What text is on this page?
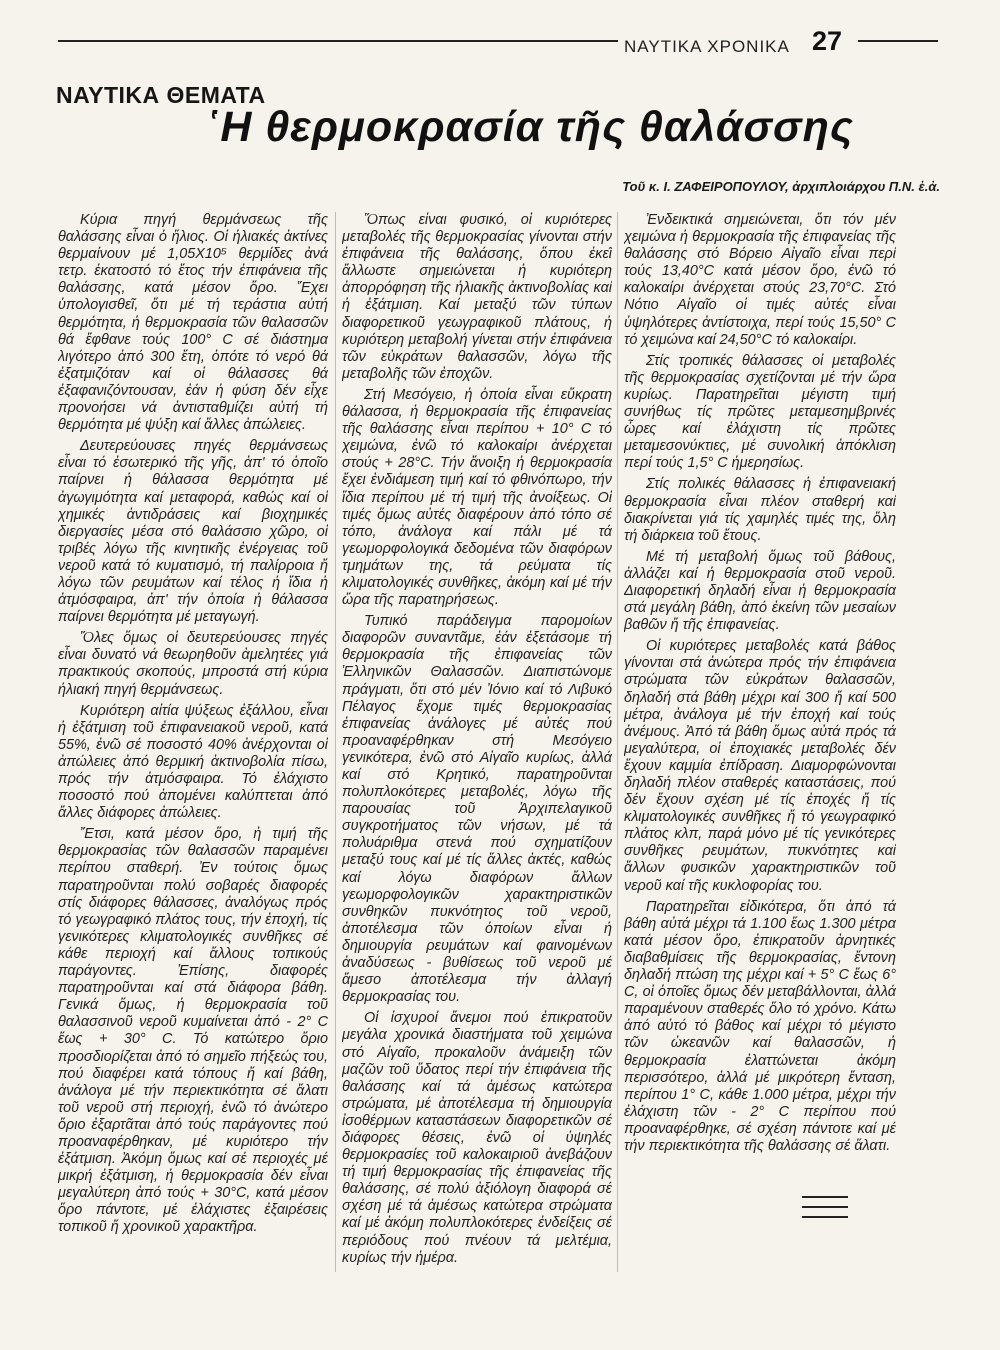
ΝΑΥΤΙΚΑ ΧΡΟΝΙΚΑ 27
ΝΑΥΤΙΚΑ ΘΕΜΑΤΑ
῾Η θερμοκρασία τῆς θαλάσσης
Τοῦ κ. Ι. ΖΑΦΕΙΡΟΠΟΥΛΟΥ, ἀρχιπλοιάρχου Π.Ν. ἐ.ἀ.

Κύρια πηγή θερμάνσεως τῆς θαλάσσης εἶναι ὁ ἥλιος. Οἱ ἡλιακές ἀκτίνες θερμαίνουν μέ 1,05Χ10⁵ θερμίδες ἀνά τετρ. ἑκατοστό τό ἔτος τήν ἐπιφάνεια τῆς θαλάσσης, κατά μέσον ὅρο. Ἔχει ὑπολογισθεῖ, ὅτι μέ τή τεράστια αὐτή θερμότητα, ἡ θερμοκρασία τῶν θαλασσῶν θά ἔφθανε τούς 100° C σέ διάστημα λιγότερο ἀπό 300 ἔτη, ὁπότε τό νερό θά ἐξατμιζόταν καί οἱ θάλασσες θά ἐξαφανιζόντουσαν, ἐάν ἡ φύση δέν εἶχε προνοήσει νά ἀντισταθμίζει αὐτή τή θερμότητα μέ ψύξη καί ἄλλες ἀπώλειες.

Δευτερεύουσες πηγές θερμάνσεως εἶναι τό ἐσωτερικό τῆς γῆς, ἀπ' τό ὁποῖο παίρνει ἡ θάλασσα θερμότητα μέ ἀγωγιμότητα καί μεταφορά, καθώς καί οἱ χημικές ἀντιδράσεις καί βιοχημικές διεργασίες μέσα στό θαλάσσιο χῶρο, οἱ τριβές λόγω τῆς κινητικῆς ἐνέργειας τοῦ νεροῦ κατά τό κυματισμό, τή παλίρροια ἤ λόγω τῶν ρευμάτων καί τέλος ἡ ἴδια ἡ ἀτμόσφαιρα, ἀπ' τήν ὁποία ἡ θάλασσα παίρνει θερμότητα μέ μεταγωγή.

Ὅλες ὅμως οἱ δευτερεύουσες πηγές εἶναι δυνατό νά θεωρηθοῦν ἀμελητέες γιά πρακτικούς σκοπούς, μπροστά στή κύρια ἡλιακή πηγή θερμάνσεως.

Κυριότερη αἰτία ψύξεως ἐξάλλου, εἶναι ἡ ἐξάτμιση τοῦ ἐπιφανειακοῦ νεροῦ, κατά 55%, ἐνῶ σέ ποσοστό 40% ἀνέρχονται οἱ ἀπώλειες ἀπό θερμική ἀκτινοβολία πίσω, πρός τήν ἀτμόσφαιρα. Τό ἐλάχιστο ποσοστό πού ἀπομένει καλύπτεται ἀπό ἄλλες διάφορες ἀπώλειες.

Ἔτσι, κατά μέσον ὅρο, ἡ τιμή τῆς θερμοκρασίας τῶν θαλασσῶν παραμένει περίπου σταθερή. Ἐν τούτοις ὅμως παρατηροῦνται πολύ σοβαρές διαφορές στίς διάφορες θάλασσες, ἀναλόγως πρός τό γεωγραφικό πλάτος τους, τήν ἐποχή, τίς γενικότερες κλιματολογικές συνθῆκες σέ κάθε περιοχή καί ἄλλους τοπικούς παράγοντες. Ἐπίσης, διαφορές παρατηροῦνται καί στά διάφορα βάθη. Γενικά ὅμως, ἡ θερμοκρασία τοῦ θαλασσινοῦ νεροῦ κυμαίνεται ἀπό - 2° C ἕως + 30° C. Τό κατώτερο ὅριο προσδιορίζεται ἀπό τό σημεῖο πήξεώς του, πού διαφέρει κατά τόπους ἤ καί βάθη, ἀνάλογα μέ τήν περιεκτικότητα σέ ἅλατι τοῦ νεροῦ στή περιοχή, ἐνῶ τό ἀνώτερο ὅριο ἐξαρτᾶται ἀπό τούς παράγοντες πού προαναφέρθηκαν, μέ κυριότερο τήν ἐξάτμιση. Ἀκόμη ὅμως καί σέ περιοχές μέ μικρή ἐξάτμιση, ἡ θερμοκρασία δέν εἶναι μεγαλύτερη ἀπό τούς + 30°C, κατά μέσον ὅρο πάντοτε, μέ ἐλάχιστες ἐξαιρέσεις τοπικοῦ ἤ χρονικοῦ χαρακτῆρα.

Ὅπως εἶναι φυσικό, οἱ κυριότερες μεταβολές τῆς θερμοκρασίας γίνονται στήν ἐπιφάνεια τῆς θαλάσσης, ὅπου ἐκεῖ ἄλλωστε σημειώνεται ἡ κυριότερη ἀπορρόφηση τῆς ἡλιακῆς ἀκτινοβολίας καί ἡ ἐξάτμιση. Καί μεταξύ τῶν τύπων διαφορετικοῦ γεωγραφικοῦ πλάτους, ἡ κυριότερη μεταβολή γίνεται στήν ἐπιφάνεια τῶν εὐκράτων θαλασσῶν, λόγω τῆς μεταβολῆς τῶν ἐποχῶν.

Στή Μεσόγειο, ἡ ὁποία εἶναι εὔκρατη θάλασσα, ἡ θερμοκρασία τῆς ἐπιφανείας τῆς θαλάσσης εἶναι περίπου + 10° C τό χειμώνα, ἐνῶ τό καλοκαίρι ἀνέρχεται στούς + 28°C. Τήν ἄνοιξη ἡ θερμοκρασία ἔχει ἐνδιάμεση τιμή καί τό φθινόπωρο, τήν ἴδια περίπου μέ τή τιμή τῆς ἀνοίξεως. Οἱ τιμές ὅμως αὐτές διαφέρουν ἀπό τόπο σέ τόπο, ἀνάλογα καί πάλι μέ τά γεωμορφολογικά δεδομένα τῶν διαφόρων τμημάτων της, τά ρεύματα τίς κλιματολογικές συνθῆκες, ἀκόμη καί μέ τήν ὥρα τῆς παρατηρήσεως.

Τυπικό παράδειγμα παρομοίων διαφορῶν συναντᾶμε, ἐάν ἐξετάσομε τή θερμοκρασία τῆς ἐπιφανείας τῶν Ἑλληνικῶν Θαλασσῶν. Διαπιστώνομε πράγματι, ὅτι στό μέν Ἰόνιο καί τό Λιβυκό Πέλαγος ἔχομε τιμές θερμοκρασίας ἐπιφανείας ἀνάλογες μέ αὐτές πού προαναφέρθηκαν στή Μεσόγειο γενικότερα, ἐνῶ στό Αἰγαῖο κυρίως, ἀλλά καί στό Κρητικό, παρατηροῦνται πολυπλοκότερες μεταβολές, λόγω τῆς παρουσίας τοῦ Ἀρχιπελαγικοῦ συγκροτήματος τῶν νήσων, μέ τά πολυάριθμα στενά πού σχηματίζουν μεταξύ τους καί μέ τίς ἄλλες ἀκτές, καθώς καί λόγω διαφόρων ἄλλων γεωμορφολογικῶν χαρακτηριστικῶν συνθηκῶν πυκνότητος τοῦ νεροῦ, ἀποτέλεσμα τῶν ὁποίων εἶναι ἡ δημιουργία ρευμάτων καί φαινομένων ἀναδύσεως - βυθίσεως τοῦ νεροῦ μέ ἄμεσο ἀποτέλεσμα τήν ἀλλαγή θερμοκρασίας του.

Οἱ ἰσχυροί ἄνεμοι πού ἐπικρατοῦν μεγάλα χρονικά διαστήματα τοῦ χειμώνα στό Αἰγαῖο, προκαλοῦν ἀνάμειξη τῶν μαζῶν τοῦ ὕδατος περί τήν ἐπιφάνεια τῆς θαλάσσης καί τά ἀμέσως κατώτερα στρώματα, μέ ἀποτέλεσμα τή δημιουργία ἰσοθέρμων καταστάσεων διαφορετικῶν σέ διάφορες θέσεις, ἐνῶ οἱ ὑψηλές θερμοκρασίες τοῦ καλοκαιριοῦ ἀνεβάζουν τή τιμή θερμοκρασίας τῆς ἐπιφανείας τῆς θαλάσσης, σέ πολύ ἀξιόλογη διαφορά σέ σχέση μέ τά ἀμέσως κατώτερα στρώματα καί μέ ἀκόμη πολυπλοκότερες ἐνδείξεις σέ περιόδους πού πνέουν τά μελτέμια, κυρίως τήν ἡμέρα.

Ἐνδεικτικά σημειώνεται, ὅτι τόν μέν χειμώνα ἡ θερμοκρασία τῆς ἐπιφανείας τῆς θαλάσσης στό Βόρειο Αἰγαῖο εἶναι περί τούς 13,40°C κατά μέσον ὅρο, ἐνῶ τό καλοκαίρι ἀνέρχεται στούς 23,70°C. Στό Νότιο Αἰγαῖο οἱ τιμές αὐτές εἶναι ὑψηλότερες ἀντίστοιχα, περί τούς 15,50° C τό χειμώνα καί 24,50°C τό καλοκαίρι.

Στίς τροπικές θάλασσες οἱ μεταβολές τῆς θερμοκρασίας σχετίζονται μέ τήν ὥρα κυρίως. Παρατηρεῖται μέγιστη τιμή συνήθως τίς πρῶτες μεταμεσημβρινές ὧρες καί ἐλάχιστη τίς πρῶτες μεταμεσονύκτιες, μέ συνολική ἀπόκλιση περί τούς 1,5° C ἡμερησίως.

Στίς πολικές θάλασσες ἡ ἐπιφανειακή θερμοκρασία εἶναι πλέον σταθερή καί διακρίνεται γιά τίς χαμηλές τιμές της, ὅλη τή διάρκεια τοῦ ἔτους.

Μέ τή μεταβολή ὅμως τοῦ βάθους, ἀλλάζει καί ἡ θερμοκρασία στοῦ νεροῦ. Διαφορετική δηλαδή εἶναι ἡ θερμοκρασία στά μεγάλη βάθη, ἀπό ἐκείνη τῶν μεσαίων βαθῶν ἤ τῆς ἐπιφανείας.

Οἱ κυριότερες μεταβολές κατά βάθος γίνονται στά ἀνώτερα πρός τήν ἐπιφάνεια στρώματα τῶν εὐκράτων θαλασσῶν, δηλαδή στά βάθη μέχρι καί 300 ἤ καί 500 μέτρα, ἀνάλογα μέ τήν ἐποχή καί τούς ἀνέμους. Ἀπό τά βάθη ὅμως αὐτά πρός τά μεγαλύτερα, οἱ ἐποχιακές μεταβολές δέν ἔχουν καμμία ἐπίδραση. Διαμορφώνονται δηλαδή πλέον σταθερές καταστάσεις, πού δέν ἔχουν σχέση μέ τίς ἐποχές ἤ τίς κλιματολογικές συνθῆκες ἤ τό γεωγραφικό πλάτος κλπ, παρά μόνο μέ τίς γενικότερες συνθῆκες ρευμάτων, πυκνότητες καί ἄλλων φυσικῶν χαρακτηριστικῶν τοῦ νεροῦ καί τῆς κυκλοφορίας του.

Παρατηρεῖται εἰδικότερα, ὅτι ἀπό τά βάθη αὐτά μέχρι τά 1.100 ἕως 1.300 μέτρα κατά μέσον ὅρο, ἐπικρατοῦν ἀρνητικές διαβαθμίσεις τῆς θερμοκρασίας, ἔντονη δηλαδή πτώση της μέχρι καί + 5° C ἕως 6° C, οἱ ὁποῖες ὅμως δέν μεταβάλλονται, ἀλλά παραμένουν σταθερές ὅλο τό χρόνο. Κάτω ἀπό αὐτό τό βάθος καί μέχρι τό μέγιστο τῶν ὠκεανῶν καί θαλασσῶν, ἡ θερμοκρασία ἐλαττώνεται ἀκόμη περισσότερο, ἀλλά μέ μικρότερη ἔνταση, περίπου 1° C, κάθε 1.000 μέτρα, μέχρι τήν ἐλάχιστη τῶν - 2° C περίπου πού προαναφέρθηκε, σέ σχέση πάντοτε καί μέ τήν περιεκτικότητα τῆς θαλάσσης σέ ἅλατι.
